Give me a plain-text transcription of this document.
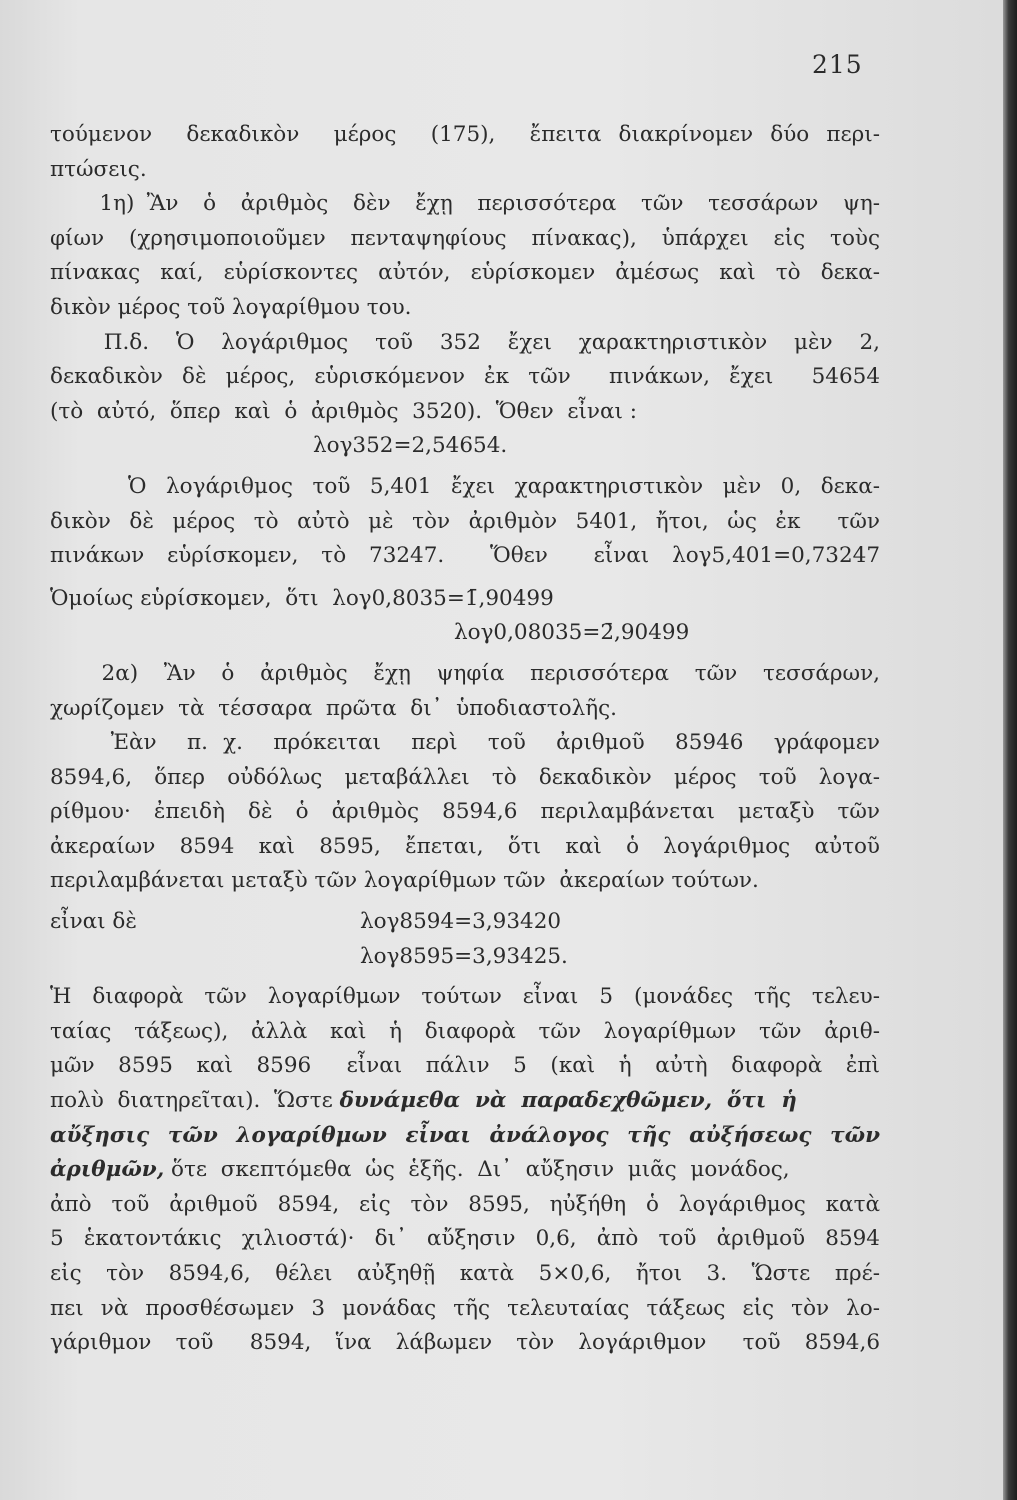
215
τούμενον  δεκαδικὸν  μέρος  (175),  ἔπειτα διακρίνομεν δύο περι-
πτώσεις.
1η) Ἂν  ὁ  ἀριθμὸς  δὲν  ἔχῃ  περισσότερα  τῶν  τεσσάρων  ψη-
φίων (χρησιμοποιοῦμεν πενταψηφίους πίνακας), ὑπάρχει εἰς τοὺς
πίνακας καί, εὑρίσκοντες αὐτόν, εὑρίσκομεν ἀμέσως καὶ τὸ δεκα-
δικὸν μέρος τοῦ λογαρίθμου του.
Π.δ.  Ὁ  λογάριθμος  τοῦ  352  ἔχει  χαρακτηριστικὸν  μὲν  2,
δεκαδικὸν δὲ μέρος, εὑρισκόμενον ἐκ τῶν  πινάκων, ἔχει  54654
(τὸ  αὐτό,  ὅπερ  καὶ  ὁ  ἀριθμὸς  3520).  Ὅθεν  εἶναι :
λογ352=2,54654.
Ὁ λογάριθμος τοῦ 5,401 ἔχει χαρακτηριστικὸν μὲν 0, δεκα-
δικὸν δὲ μέρος τὸ αὐτὸ μὲ τὸν ἀριθμὸν 5401, ἤτοι, ὡς ἐκ  τῶν
πινάκων εὑρίσκομεν, τὸ 73247.  Ὅθεν  εἶναι λογ5,401=0,73247
Ὁμοίως εὑρίσκομεν,  ὅτι  λογ0,8035=1̄,90499
λογ0,08035=2̄,90499
2α)  Ἂν  ὁ  ἀριθμὸς  ἔχῃ  ψηφία  περισσότερα  τῶν  τεσσάρων,
χωρίζομεν  τὰ  τέσσαρα  πρῶτα  δι᾿  ὑποδιαστολῆς.
Ἐὰν  π. χ.  πρόκειται  περὶ  τοῦ  ἀριθμοῦ  85946  γράφομεν
8594,6,  ὅπερ  οὐδόλως  μεταβάλλει  τὸ  δεκαδικὸν  μέρος  τοῦ  λογα-
ρίθμου·  ἐπειδὴ  δὲ  ὁ  ἀριθμὸς  8594,6  περιλαμβάνεται  μεταξὺ  τῶν
ἀκεραίων  8594  καὶ  8595,  ἔπεται,  ὅτι  καὶ  ὁ  λογάριθμος  αὐτοῦ
περιλαμβάνεται μεταξὺ τῶν λογαρίθμων τῶν  ἀκεραίων τούτων.
εἶναι δὲ	λογ8594=3,93420
λογ8595=3,93425.
Ἡ διαφορὰ τῶν λογαρίθμων τούτων εἶναι 5 (μονάδες τῆς τελευ-
ταίας  τάξεως),  ἀλλὰ  καὶ  ἡ  διαφορὰ  τῶν  λογαρίθμων  τῶν  ἀριθ-
μῶν  8595  καὶ  8596   εἶναι  πάλιν  5  (καὶ  ἡ  αὐτὴ  διαφορὰ  ἐπὶ
πολὺ  διατηρεῖται).  Ὥστε δυνάμεθα  νὰ  παραδεχθῶμεν,  ὅτι  ἡ
αὔξησις  τῶν  λογαρίθμων  εἶναι  ἀνάλογος  τῆς  αὐξήσεως  τῶν
ἀριθμῶν, ὅτε  σκεπτόμεθα  ὡς  ἑξῆς.  Δι᾿  αὔξησιν  μιᾶς  μονάδος,
ἀπὸ  τοῦ  ἀριθμοῦ  8594,  εἰς  τὸν  8595,  ηὐξήθη  ὁ  λογάριθμος  κατὰ
5  ἑκατοντάκις  χιλιοστά)·  δι᾿  αὔξησιν  0,6,  ἀπὸ  τοῦ  ἀριθμοῦ  8594
εἰς  τὸν  8594,6,  θέλει  αὐξηθῇ  κατὰ  5×0,6,  ἤτοι  3.  Ὥστε  πρέ-
πει  νὰ  προσθέσωμεν  3  μονάδας  τῆς  τελευταίας  τάξεως  εἰς  τὸν  λο-
γάριθμον  τοῦ   8594,  ἵνα  λάβωμεν  τὸν  λογάριθμον   τοῦ  8594,6
